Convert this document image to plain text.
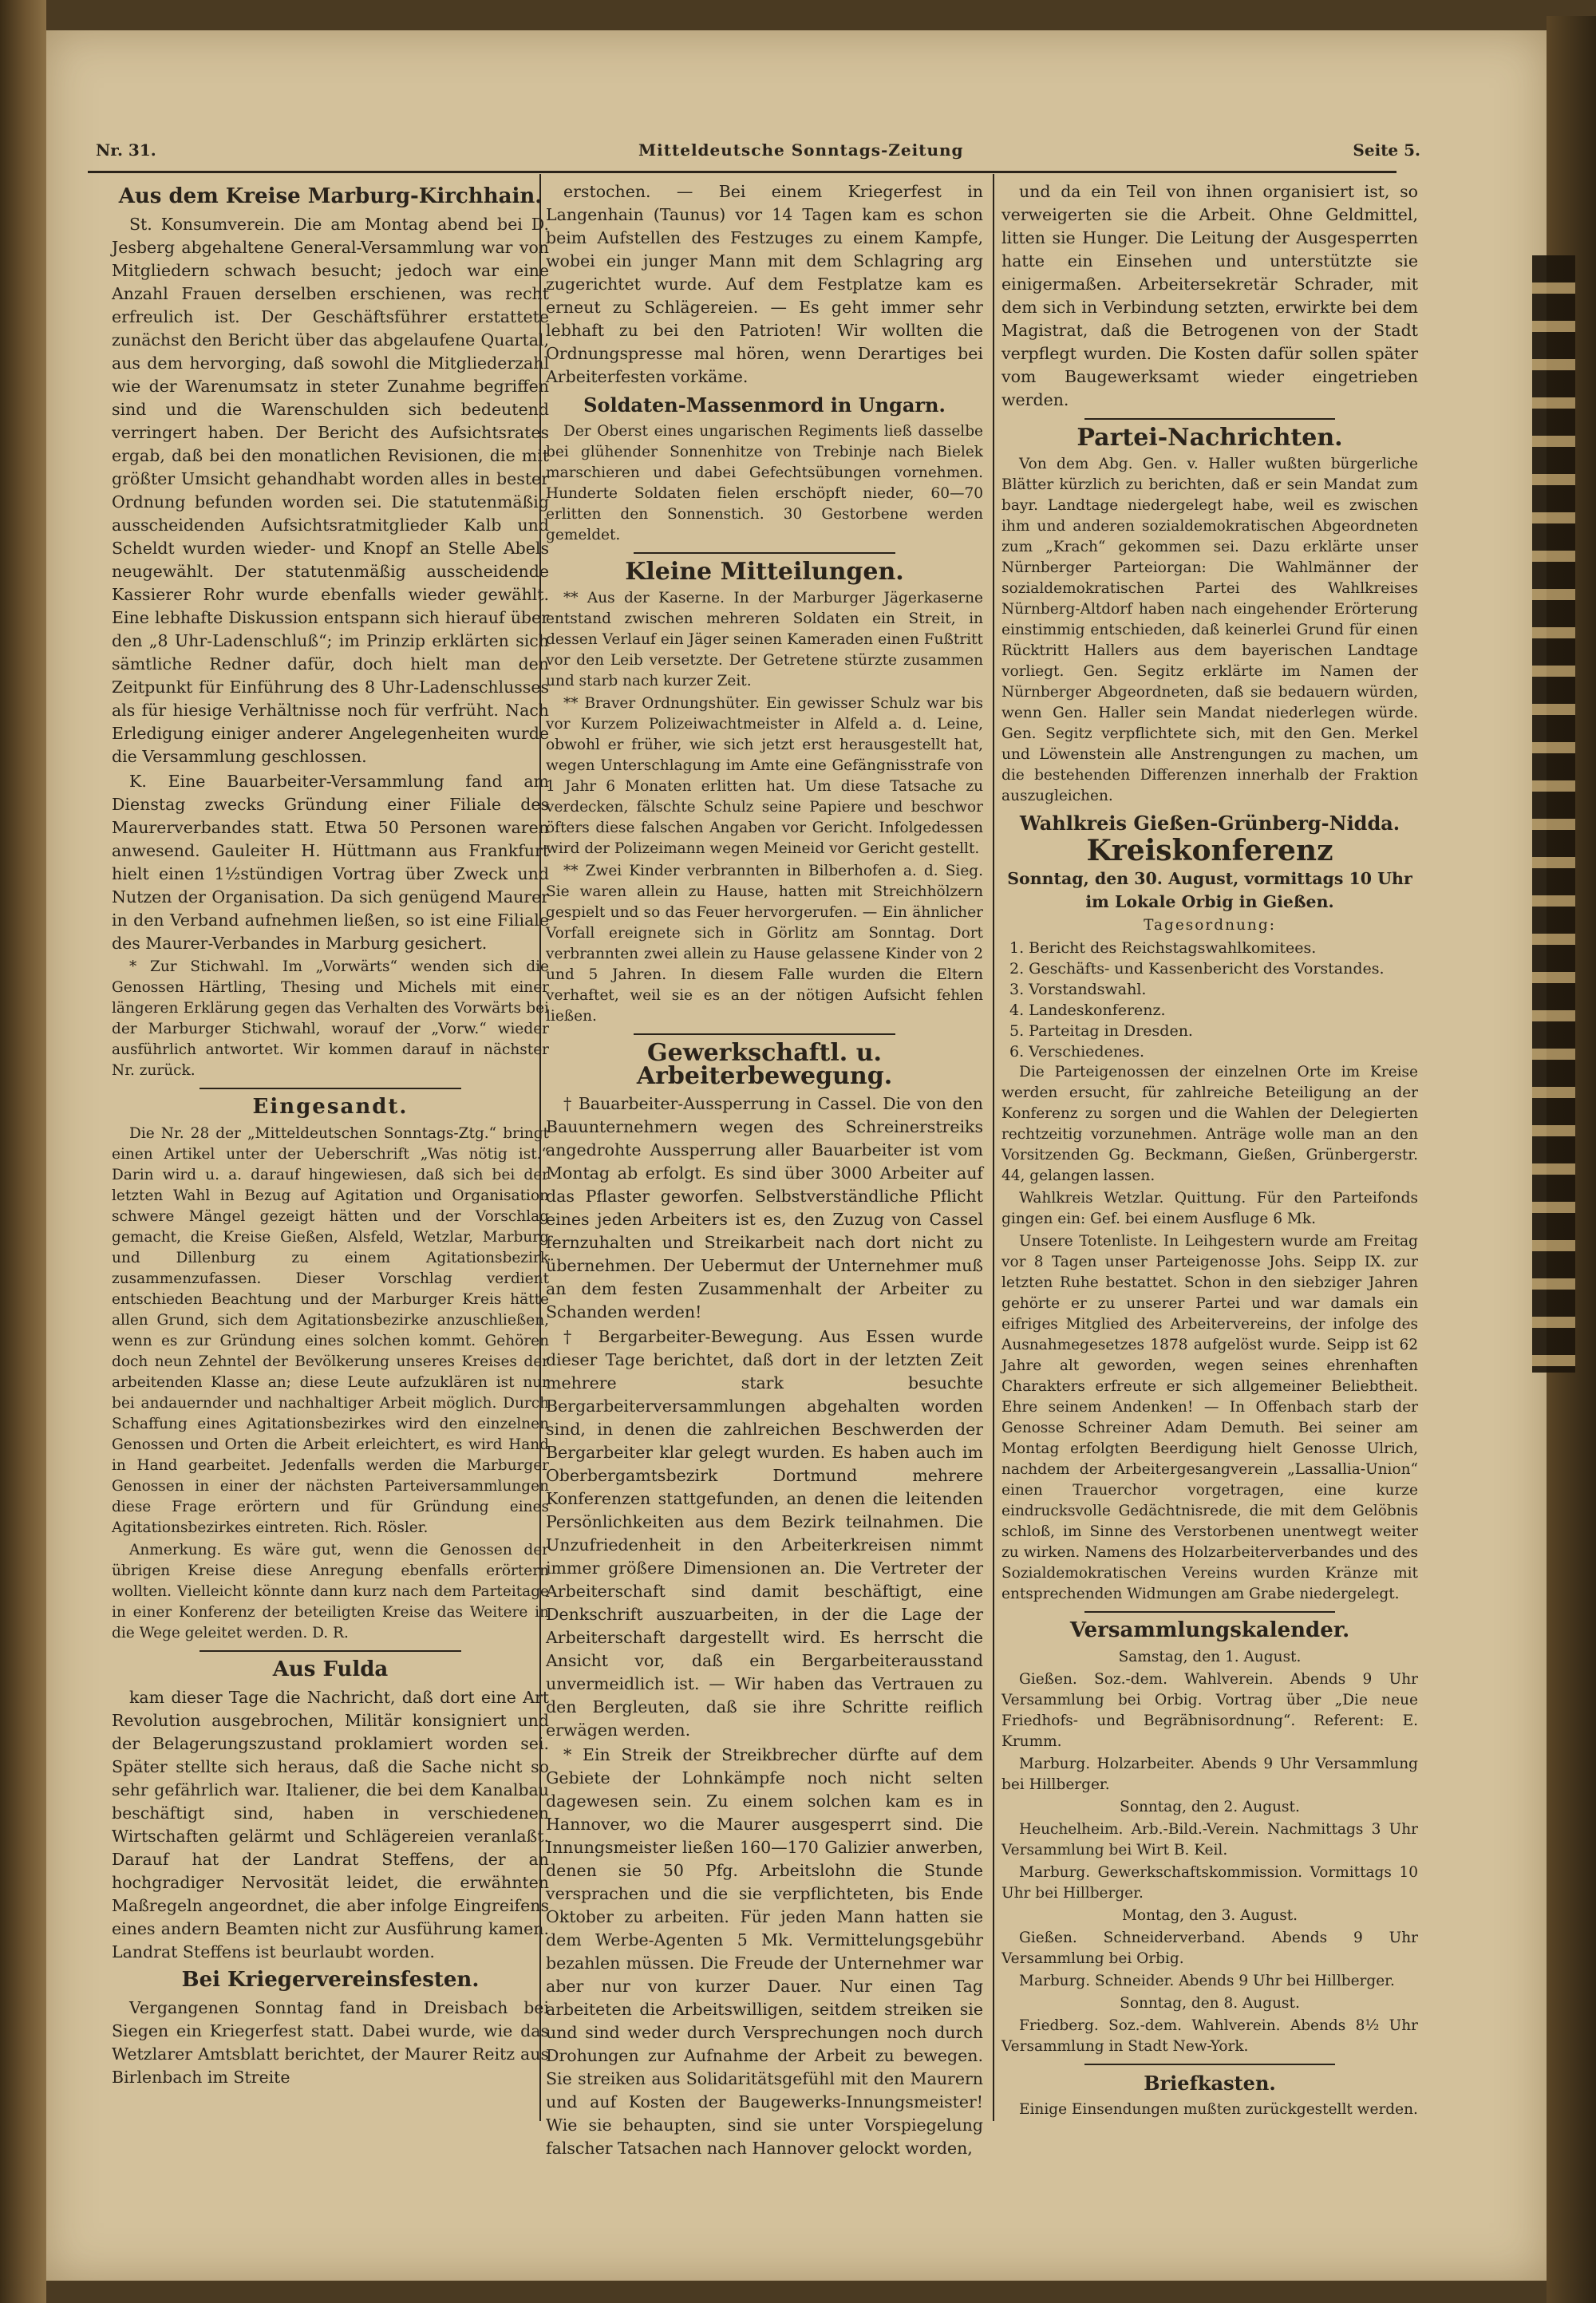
Nr. 31.	Mitteldeutsche Sonntags-Zeitung	Seite 5.
Aus dem Kreise Marburg-Kirchhain.

St. Konsumverein. Die am Montag abend bei D. Jesberg abgehaltene General-Versammlung war von Mitgliedern schwach besucht; jedoch war eine Anzahl Frauen derselben erschienen, was recht erfreulich ist. Der Geschäftsführer erstattete zunächst den Bericht über das abgelaufene Quartal, aus dem hervorging, daß sowohl die Mitgliederzahl wie der Warenumsatz in steter Zunahme begriffen sind und die Warenschulden sich bedeutend verringert haben. Der Bericht des Aufsichtsrates ergab, daß bei den monatlichen Revisionen, die mit größter Umsicht gehandhabt worden alles in bester Ordnung befunden worden sei. Die statutenmäßig ausscheidenden Aufsichtsratmitglieder Kalb und Scheldt wurden wieder- und Knopf an Stelle Abels neugewählt. Der statutenmäßig ausscheidende Kassierer Rohr wurde ebenfalls wieder gewählt. Eine lebhafte Diskussion entspann sich hierauf über den „8 Uhr-Ladenschluß“; im Prinzip erklärten sich sämtliche Redner dafür, doch hielt man den Zeitpunkt für Einführung des 8 Uhr-Ladenschlusses als für hiesige Verhältnisse noch für verfrüht. Nach Erledigung einiger anderer Angelegenheiten wurde die Versammlung geschlossen.

K. Eine Bauarbeiter-Versammlung fand am Dienstag zwecks Gründung einer Filiale des Maurerverbandes statt. Etwa 50 Personen waren anwesend. Gauleiter H. Hüttmann aus Frankfurt hielt einen 1½stündigen Vortrag über Zweck und Nutzen der Organisation. Da sich genügend Maurer in den Verband aufnehmen ließen, so ist eine Filiale des Maurer-Verbandes in Marburg gesichert.

* Zur Stichwahl. Im „Vorwärts“ wenden sich die Genossen Härtling, Thesing und Michels mit einer längeren Erklärung gegen das Verhalten des Vorwärts bei der Marburger Stichwahl, worauf der „Vorw.“ wieder ausführlich antwortet. Wir kommen darauf in nächster Nr. zurück.

Eingesandt.

Die Nr. 28 der „Mitteldeutschen Sonntags-Ztg.“ bringt einen Artikel unter der Ueberschrift „Was nötig ist.“ Darin wird u. a. darauf hingewiesen, daß sich bei der letzten Wahl in Bezug auf Agitation und Organisation schwere Mängel gezeigt hätten und der Vorschlag gemacht, die Kreise Gießen, Alsfeld, Wetzlar, Marburg und Dillenburg zu einem Agitationsbezirk zusammenzufassen. Dieser Vorschlag verdient entschieden Beachtung und der Marburger Kreis hätte allen Grund, sich dem Agitationsbezirke anzuschließen, wenn es zur Gründung eines solchen kommt. Gehören doch neun Zehntel der Bevölkerung unseres Kreises der arbeitenden Klasse an; diese Leute aufzuklären ist nur bei andauernder und nachhaltiger Arbeit möglich. Durch Schaffung eines Agitationsbezirkes wird den einzelnen Genossen und Orten die Arbeit erleichtert, es wird Hand in Hand gearbeitet. Jedenfalls werden die Marburger Genossen in einer der nächsten Parteiversammlungen diese Frage erörtern und für Gründung eines Agitationsbezirkes eintreten. Rich. Rösler.

Anmerkung. Es wäre gut, wenn die Genossen der übrigen Kreise diese Anregung ebenfalls erörtern wollten. Vielleicht könnte dann kurz nach dem Parteitage in einer Konferenz der beteiligten Kreise das Weitere in die Wege geleitet werden. D. R.

Aus Fulda

kam dieser Tage die Nachricht, daß dort eine Art Revolution ausgebrochen, Militär konsigniert und der Belagerungszustand proklamiert worden sei. Später stellte sich heraus, daß die Sache nicht so sehr gefährlich war. Italiener, die bei dem Kanalbau beschäftigt sind, haben in verschiedenen Wirtschaften gelärmt und Schlägereien veranlaßt. Darauf hat der Landrat Steffens, der an hochgradiger Nervosität leidet, die erwähnten Maßregeln angeordnet, die aber infolge Eingreifens eines andern Beamten nicht zur Ausführung kamen. Landrat Steffens ist beurlaubt worden.

Bei Kriegervereinsfesten.

Vergangenen Sonntag fand in Dreisbach bei Siegen ein Kriegerfest statt. Dabei wurde, wie das Wetzlarer Amtsblatt berichtet, der Maurer Reitz aus Birlenbach im Streite

erstochen. — Bei einem Kriegerfest in Langenhain (Taunus) vor 14 Tagen kam es schon beim Aufstellen des Festzuges zu einem Kampfe, wobei ein junger Mann mit dem Schlagring arg zugerichtet wurde. Auf dem Festplatze kam es erneut zu Schlägereien. — Es geht immer sehr lebhaft zu bei den Patrioten! Wir wollten die Ordnungspresse mal hören, wenn Derartiges bei Arbeiterfesten vorkäme.

Soldaten-Massenmord in Ungarn.

Der Oberst eines ungarischen Regiments ließ dasselbe bei glühender Sonnenhitze von Trebinje nach Bielek marschieren und dabei Gefechtsübungen vornehmen. Hunderte Soldaten fielen erschöpft nieder, 60—70 erlitten den Sonnenstich. 30 Gestorbene werden gemeldet.

Kleine Mitteilungen.

** Aus der Kaserne. In der Marburger Jägerkaserne entstand zwischen mehreren Soldaten ein Streit, in dessen Verlauf ein Jäger seinen Kameraden einen Fußtritt vor den Leib versetzte. Der Getretene stürzte zusammen und starb nach kurzer Zeit.

** Braver Ordnungshüter. Ein gewisser Schulz war bis vor Kurzem Polizeiwachtmeister in Alfeld a. d. Leine, obwohl er früher, wie sich jetzt erst herausgestellt hat, wegen Unterschlagung im Amte eine Gefängnisstrafe von 1 Jahr 6 Monaten erlitten hat. Um diese Tatsache zu verdecken, fälschte Schulz seine Papiere und beschwor öfters diese falschen Angaben vor Gericht. Infolgedessen wird der Polizeimann wegen Meineid vor Gericht gestellt.

** Zwei Kinder verbrannten in Bilberhofen a. d. Sieg. Sie waren allein zu Hause, hatten mit Streichhölzern gespielt und so das Feuer hervorgerufen. — Ein ähnlicher Vorfall ereignete sich in Görlitz am Sonntag. Dort verbrannten zwei allein zu Hause gelassene Kinder von 2 und 5 Jahren. In diesem Falle wurden die Eltern verhaftet, weil sie es an der nötigen Aufsicht fehlen ließen.

Gewerkschaftl. u. Arbeiterbewegung.

† Bauarbeiter-Aussperrung in Cassel. Die von den Bauunternehmern wegen des Schreinerstreiks angedrohte Aussperrung aller Bauarbeiter ist vom Montag ab erfolgt. Es sind über 3000 Arbeiter auf das Pflaster geworfen. Selbstverständliche Pflicht eines jeden Arbeiters ist es, den Zuzug von Cassel fernzuhalten und Streikarbeit nach dort nicht zu übernehmen. Der Uebermut der Unternehmer muß an dem festen Zusammenhalt der Arbeiter zu Schanden werden!

† Bergarbeiter-Bewegung. Aus Essen wurde dieser Tage berichtet, daß dort in der letzten Zeit mehrere stark besuchte Bergarbeiterversammlungen abgehalten worden sind, in denen die zahlreichen Beschwerden der Bergarbeiter klar gelegt wurden. Es haben auch im Oberbergamtsbezirk Dortmund mehrere Konferenzen stattgefunden, an denen die leitenden Persönlichkeiten aus dem Bezirk teilnahmen. Die Unzufriedenheit in den Arbeiterkreisen nimmt immer größere Dimensionen an. Die Vertreter der Arbeiterschaft sind damit beschäftigt, eine Denkschrift auszuarbeiten, in der die Lage der Arbeiterschaft dargestellt wird. Es herrscht die Ansicht vor, daß ein Bergarbeiterausstand unvermeidlich ist. — Wir haben das Vertrauen zu den Bergleuten, daß sie ihre Schritte reiflich erwägen werden.

* Ein Streik der Streikbrecher dürfte auf dem Gebiete der Lohnkämpfe noch nicht selten dagewesen sein. Zu einem solchen kam es in Hannover, wo die Maurer ausgesperrt sind. Die Innungsmeister ließen 160—170 Galizier anwerben, denen sie 50 Pfg. Arbeitslohn die Stunde versprachen und die sie verpflichteten, bis Ende Oktober zu arbeiten. Für jeden Mann hatten sie dem Werbe-Agenten 5 Mk. Vermittelungsgebühr bezahlen müssen. Die Freude der Unternehmer war aber nur von kurzer Dauer. Nur einen Tag arbeiteten die Arbeitswilligen, seitdem streiken sie und sind weder durch Versprechungen noch durch Drohungen zur Aufnahme der Arbeit zu bewegen. Sie streiken aus Solidaritätsgefühl mit den Maurern und auf Kosten der Baugewerks-Innungsmeister! Wie sie behaupten, sind sie unter Vorspiegelung falscher Tatsachen nach Hannover gelockt worden,

und da ein Teil von ihnen organisiert ist, so verweigerten sie die Arbeit. Ohne Geldmittel, litten sie Hunger. Die Leitung der Ausgesperrten hatte ein Einsehen und unterstützte sie einigermaßen. Arbeitersekretär Schrader, mit dem sich in Verbindung setzten, erwirkte bei dem Magistrat, daß die Betrogenen von der Stadt verpflegt wurden. Die Kosten dafür sollen später vom Baugewerksamt wieder eingetrieben werden.

Partei-Nachrichten.

Von dem Abg. Gen. v. Haller wußten bürgerliche Blätter kürzlich zu berichten, daß er sein Mandat zum bayr. Landtage niedergelegt habe, weil es zwischen ihm und anderen sozialdemokratischen Abgeordneten zum „Krach“ gekommen sei. Dazu erklärte unser Nürnberger Parteiorgan: Die Wahlmänner der sozialdemokratischen Partei des Wahlkreises Nürnberg-Altdorf haben nach eingehender Erörterung einstimmig entschieden, daß keinerlei Grund für einen Rücktritt Hallers aus dem bayerischen Landtage vorliegt. Gen. Segitz erklärte im Namen der Nürnberger Abgeordneten, daß sie bedauern würden, wenn Gen. Haller sein Mandat niederlegen würde. Gen. Segitz verpflichtete sich, mit den Gen. Merkel und Löwenstein alle Anstrengungen zu machen, um die bestehenden Differenzen innerhalb der Fraktion auszugleichen.

Wahlkreis Gießen-Grünberg-Nidda.
Kreiskonferenz

Sonntag, den 30. August, vormittags 10 Uhr im Lokale Orbig in Gießen.

Tagesordnung:

1. Bericht des Reichstagswahlkomitees.
2. Geschäfts- und Kassenbericht des Vorstandes.
3. Vorstandswahl.
4. Landeskonferenz.
5. Parteitag in Dresden.
6. Verschiedenes.

Die Parteigenossen der einzelnen Orte im Kreise werden ersucht, für zahlreiche Beteiligung an der Konferenz zu sorgen und die Wahlen der Delegierten rechtzeitig vorzunehmen. Anträge wolle man an den Vorsitzenden Gg. Beckmann, Gießen, Grünbergerstr. 44, gelangen lassen.

Wahlkreis Wetzlar. Quittung. Für den Parteifonds gingen ein: Gef. bei einem Ausfluge 6 Mk.

Unsere Totenliste. In Leihgestern wurde am Freitag vor 8 Tagen unser Parteigenosse Johs. Seipp IX. zur letzten Ruhe bestattet. Schon in den siebziger Jahren gehörte er zu unserer Partei und war damals ein eifriges Mitglied des Arbeitervereins, der infolge des Ausnahmegesetzes 1878 aufgelöst wurde. Seipp ist 62 Jahre alt geworden, wegen seines ehrenhaften Charakters erfreute er sich allgemeiner Beliebtheit. Ehre seinem Andenken! — In Offenbach starb der Genosse Schreiner Adam Demuth. Bei seiner am Montag erfolgten Beerdigung hielt Genosse Ulrich, nachdem der Arbeitergesangverein „Lassallia-Union“ einen Trauerchor vorgetragen, eine kurze eindrucksvolle Gedächtnisrede, die mit dem Gelöbnis schloß, im Sinne des Verstorbenen unentwegt weiter zu wirken. Namens des Holzarbeiterverbandes und des Sozialdemokratischen Vereins wurden Kränze mit entsprechenden Widmungen am Grabe niedergelegt.

Versammlungskalender.

Samstag, den 1. August.

Gießen. Soz.-dem. Wahlverein. Abends 9 Uhr Versammlung bei Orbig. Vortrag über „Die neue Friedhofs- und Begräbnisordnung“. Referent: E. Krumm.

Marburg. Holzarbeiter. Abends 9 Uhr Versammlung bei Hillberger.

Sonntag, den 2. August.

Heuchelheim. Arb.-Bild.-Verein. Nachmittags 3 Uhr Versammlung bei Wirt B. Keil.

Marburg. Gewerkschaftskommission. Vormittags 10 Uhr bei Hillberger.

Montag, den 3. August.

Gießen. Schneiderverband. Abends 9 Uhr Versammlung bei Orbig.

Marburg. Schneider. Abends 9 Uhr bei Hillberger.

Sonntag, den 8. August.

Friedberg. Soz.-dem. Wahlverein. Abends 8½ Uhr Versammlung in Stadt New-York.

Briefkasten.

Einige Einsendungen mußten zurückgestellt werden.
